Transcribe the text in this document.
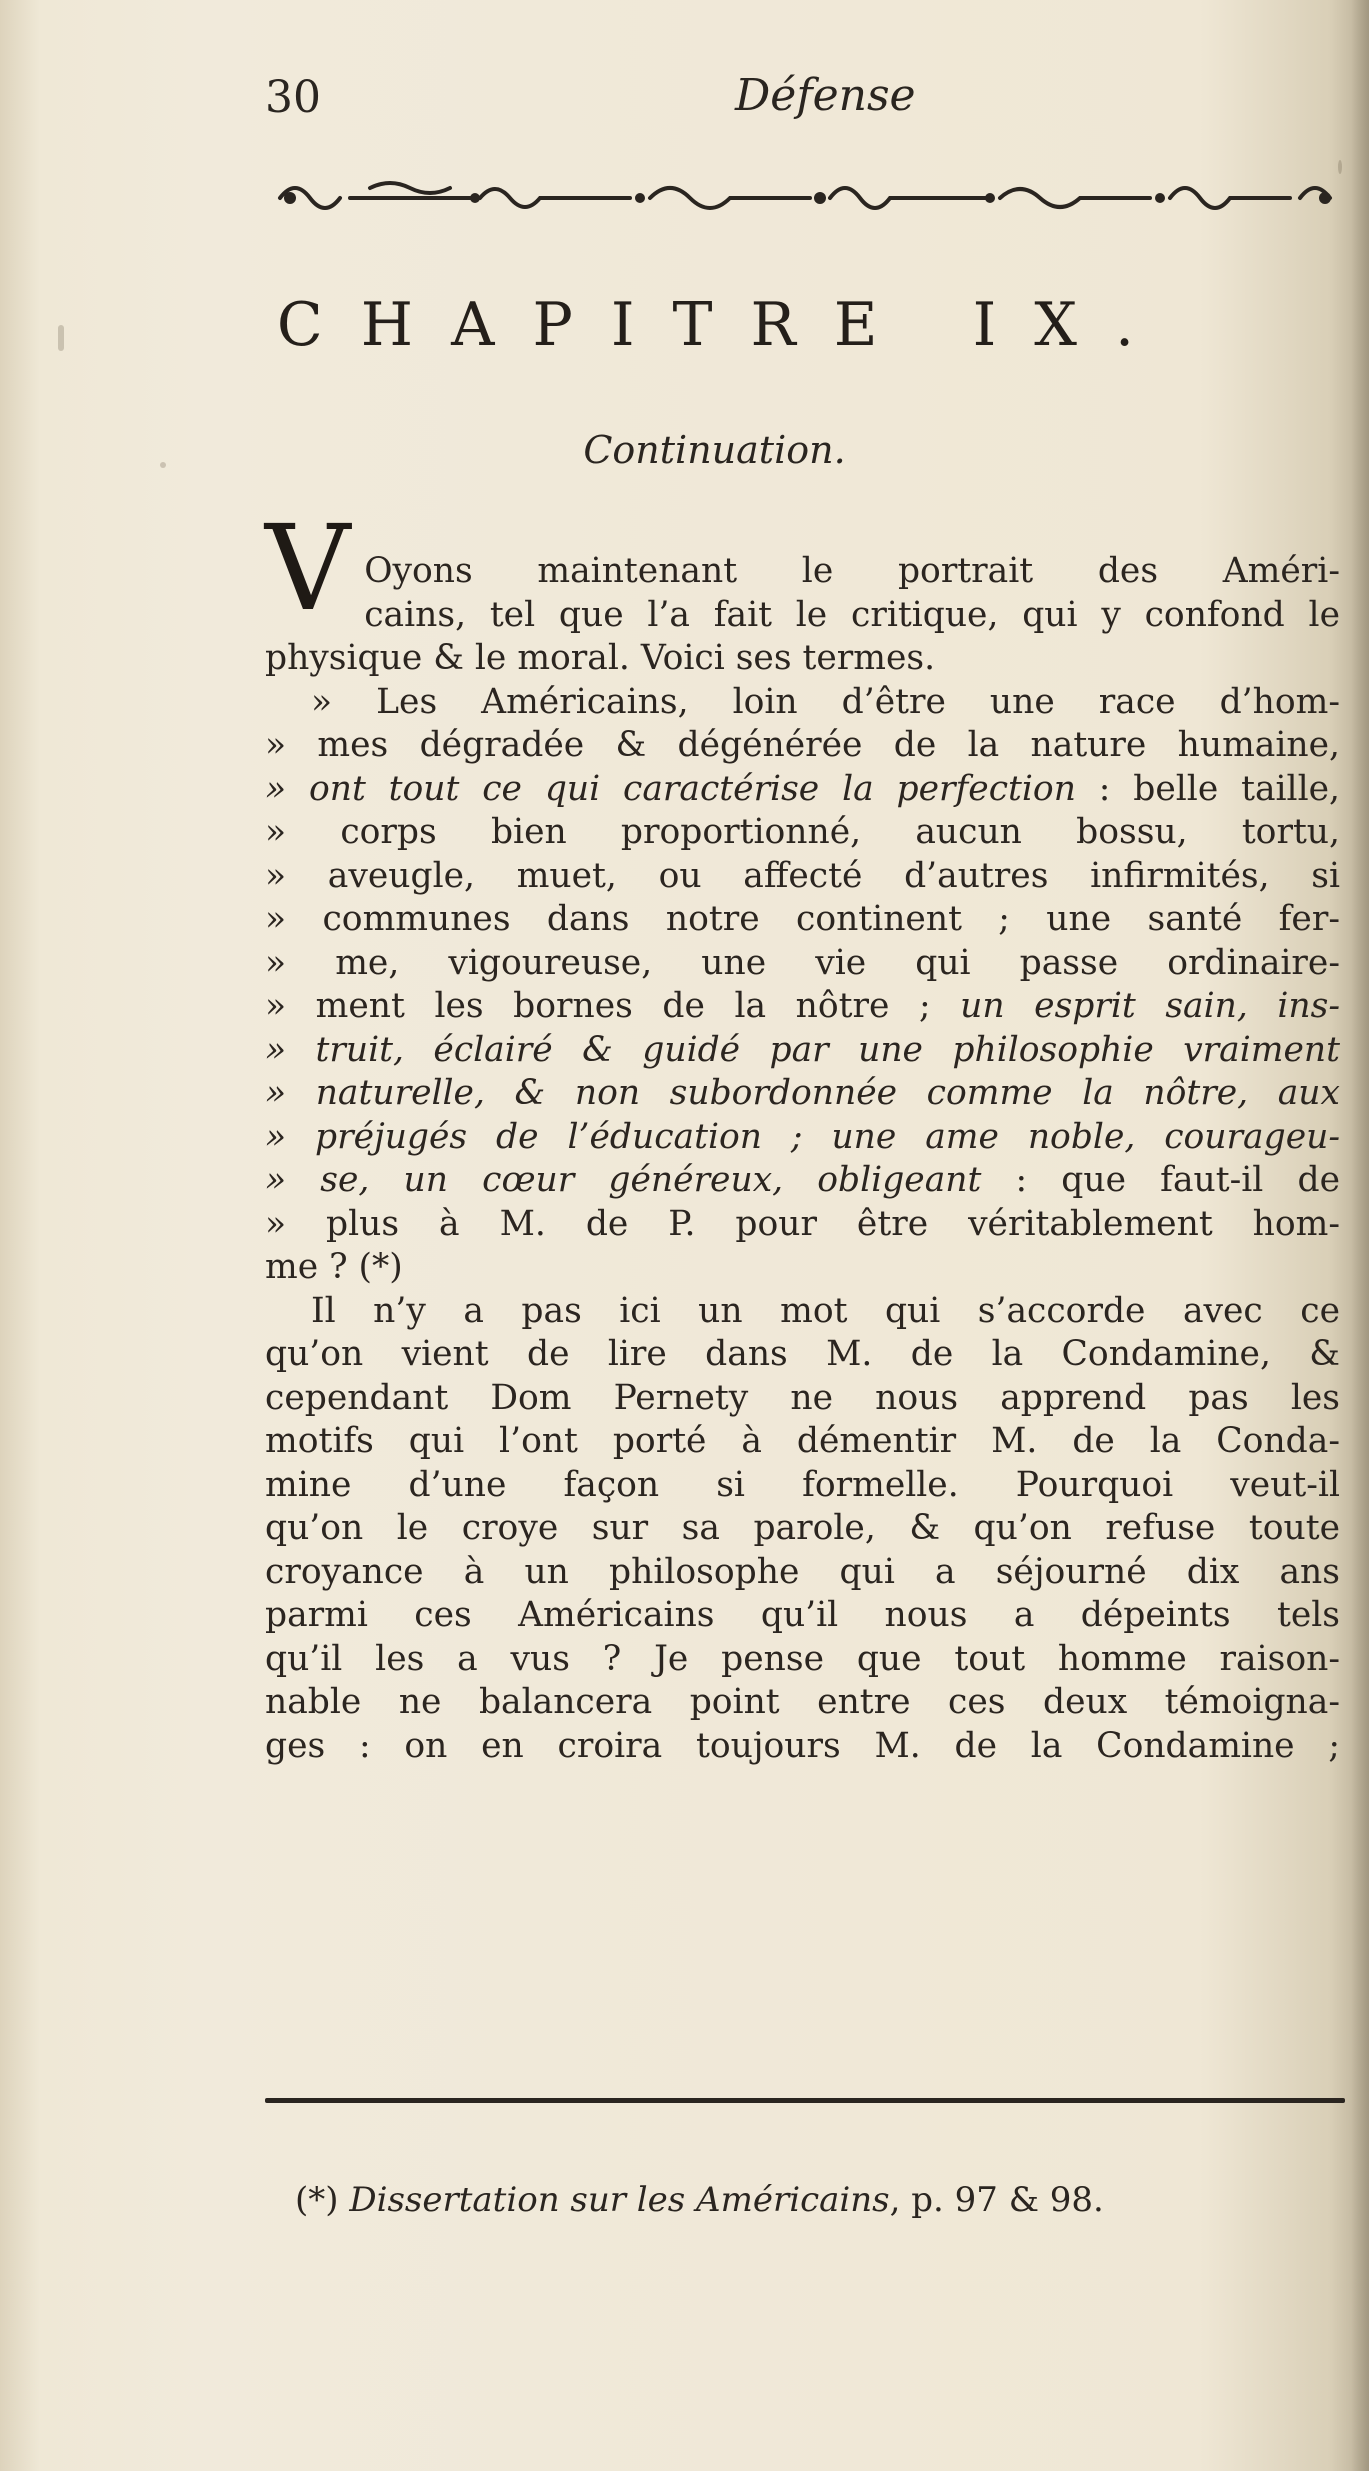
30	Défense
CHAPITRE IX.
Continuation.
V Oyons maintenant le portrait des Améri-
cains, tel que l’a fait le critique, qui y confond le
physique & le moral. Voici ses termes.
» Les Américains, loin d’être une race d’hom-
» mes dégradée & dégénérée de la nature humaine,
» ont tout ce qui caractérise la perfection : belle taille,
» corps bien proportionné, aucun bossu, tortu,
» aveugle, muet, ou affecté d’autres infirmités, si
» communes dans notre continent ; une santé fer-
» me, vigoureuse, une vie qui passe ordinaire-
» ment les bornes de la nôtre ; un esprit sain, ins-
» truit, éclairé & guidé par une philosophie vraiment
» naturelle, & non subordonnée comme la nôtre, aux
» préjugés de l’éducation ; une ame noble, courageu-
» se, un cœur généreux, obligeant : que faut-il de
» plus à M. de P. pour être véritablement hom-
me ? (*)
Il n’y a pas ici un mot qui s’accorde avec ce
qu’on vient de lire dans M. de la Condamine, &
cependant Dom Pernety ne nous apprend pas les
motifs qui l’ont porté à démentir M. de la Conda-
mine d’une façon si formelle. Pourquoi veut-il
qu’on le croye sur sa parole, & qu’on refuse toute
croyance à un philosophe qui a séjourné dix ans
parmi ces Américains qu’il nous a dépeints tels
qu’il les a vus ? Je pense que tout homme raison-
nable ne balancera point entre ces deux témoigna-
ges : on en croira toujours M. de la Condamine ;
(*) Dissertation sur les Américains, p. 97 & 98.
